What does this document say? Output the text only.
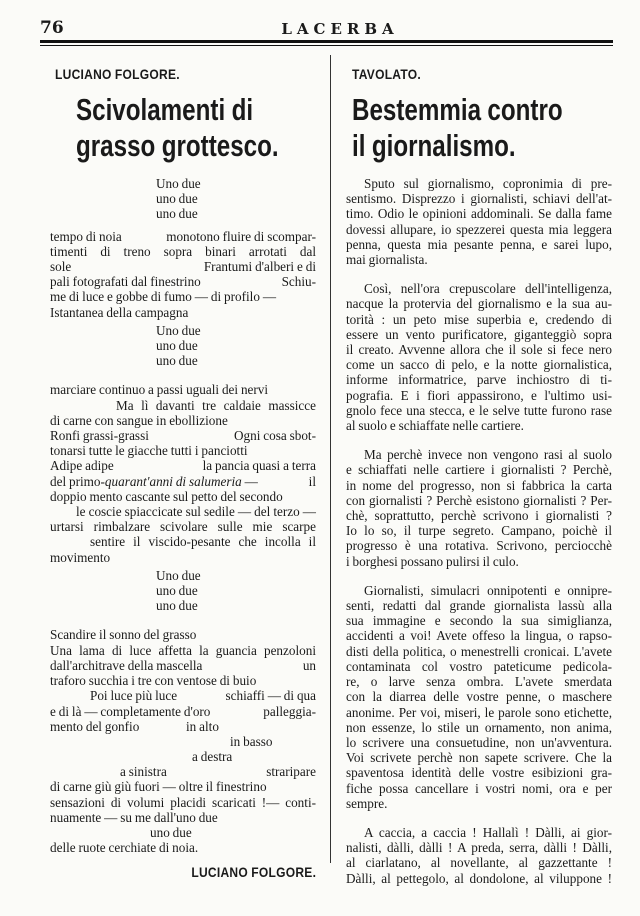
76	LACERBA
LUCIANO FOLGORE.
Scivolamenti di
grasso grottesco.
Uno due
uno due
uno due
tempo di noia	monotono fluire di scompar-
timenti di treno sopra binari arrotati dal
sole	Frantumi d'alberi e di
pali fotografati dal finestrino	Schiu-
me di luce e gobbe di fumo — di profilo —
Istantanea della campagna
Uno due
uno due
uno due
marciare continuo a passi uguali dei nervi
Ma lì davanti tre caldaie massicce
di carne con sangue in ebollizione
Ronfi grassi-grassi	Ogni cosa sbot-
tonarsi tutte le giacche tutti i panciotti
Adipe adipe	la pancia quasi a terra
del primo-quarant'anni di salumeria —	il
doppio mento cascante sul petto del secondo
le coscie spiaccicate sul sedile — del terzo —
urtarsi rimbalzare scivolare sulle mie scarpe
sentire il viscido-pesante che incolla il
movimento
Uno due
uno due
uno due
Scandire il sonno del grasso
Una lama di luce affetta la guancia penzoloni
dall'architrave della mascella	un
traforo succhia i tre con ventose di buio
Poi luce più luce	schiaffi — di qua
e di là — completamente d'oro	palleggia-
mento del gonfio	in alto
in basso
a destra
a sinistra	straripare
di carne giù giù fuori — oltre il finestrino
sensazioni di volumi placidi scaricati !— conti-
nuamente — su me dall'uno due
uno due
delle ruote cerchiate di noia.
LUCIANO FOLGORE.
TAVOLATO.
Bestemmia contro
il giornalismo.
Sputo sul giornalismo, copronimia di pre-
sentismo. Disprezzo i giornalisti, schiavi dell'at-
timo. Odio le opinioni addominali. Se dalla fame
dovessi allupare, io spezzerei questa mia leggera
penna, questa mia pesante penna, e sarei lupo,
mai giornalista.
Così, nell'ora crepuscolare dell'intelligenza,
nacque la protervia del giornalismo e la sua au-
torità : un peto mise superbia e, credendo di
essere un vento purificatore, giganteggiò sopra
il creato. Avvenne allora che il sole si fece nero
come un sacco di pelo, e la notte giornalistica,
informe informatrice, parve inchiostro di ti-
pografia. E i fiori appassirono, e l'ultimo usi-
gnolo fece una stecca, e le selve tutte furono rase
al suolo e schiaffate nelle cartiere.
Ma perchè invece non vengono rasi al suolo
e schiaffati nelle cartiere i giornalisti ? Perchè,
in nome del progresso, non si fabbrica la carta
con giornalisti ? Perchè esistono giornalisti ? Per-
chè, soprattutto, perchè scrivono i giornalisti ?
Io lo so, il turpe segreto. Campano, poichè il
progresso è una rotativa. Scrivono, perciocchè
i borghesi possano pulirsi il culo.
Giornalisti, simulacri onnipotenti e onnipre-
senti, redatti dal grande giornalista lassù alla
sua immagine e secondo la sua simiglianza,
accidenti a voi! Avete offeso la lingua, o rapso-
disti della politica, o menestrelli cronicai. L'avete
contaminata col vostro pateticume pedicola-
re, o larve senza ombra. L'avete smerdata
con la diarrea delle vostre penne, o maschere
anonime. Per voi, miseri, le parole sono etichette,
non essenze, lo stile un ornamento, non anima,
lo scrivere una consuetudine, non un'avventura.
Voi scrivete perchè non sapete scrivere. Che la
spaventosa identità delle vostre esibizioni gra-
fiche possa cancellare i vostri nomi, ora e per
sempre.
A caccia, a caccia ! Hallalì ! Dàlli, ai gior-
nalisti, dàlli, dàlli ! A preda, serra, dàlli ! Dàlli,
al ciarlatano, al novellante, al gazzettante !
Dàlli, al pettegolo, al dondolone, al viluppone !
